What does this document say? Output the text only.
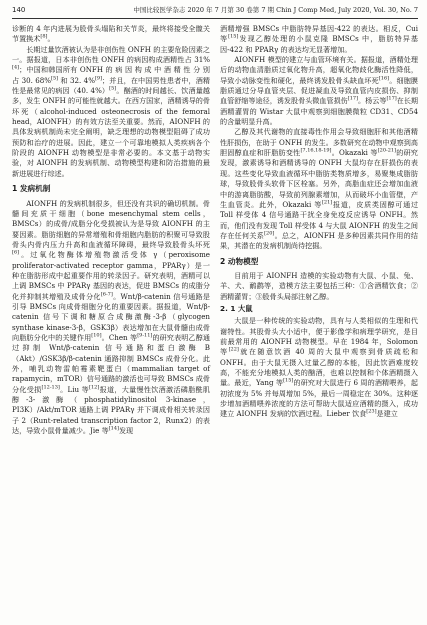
140	中国比较医学杂志 2020 年 7 月第 30 卷第 7 期 Chin J Comp Med, July 2020, Vol. 30, No. 7

诊断的 4 年内进展为股骨头塌陷和关节炎，最终将接受全髋关节置换术[8]。

长期过量饮酒被认为是非创伤性 ONFH 的主要危险因素之一。据报道，日本非创伤性 ONFH 的病因构成酒精性占 31%[4]；中国和韩国所有 ONFH 的 病 因 构 成 中 酒 精 性 分 别 占 30. 68%[5] 和 32. 4%[9]；并且，在中国男性患者中，酒精性是最常见的病因（40. 4%）[5]。酗酒的时间越长、饮酒量越多，发生 ONFH 的可能性就越大。在西方国家，酒精诱导的骨坏死（alcohol-induced osteonecrosis of the femoral head，AIONFH）的有效方法至关重要。然而，AIONFH 的具体发病机制尚未完全阐明，缺乏理想的动物模型阻碍了成功预防和治疗的进展。因此，建立一个可靠地模拟人类疾病各个阶段的 AIONFH 动物模型是非常必要的。本文基于动物实验，对 AIONFH 的发病机制、动物模型构建和防治措施的最新进展进行综述。

1 发病机制

AIONFH 的发病机制很多，但还没有共识的确切机制。骨髓间充质干细胞（bone mesenchymal stem cells，BMSCs）的成骨/成脂分化受损被认为是导致 AIONFH 的主要因素。脂肪细胞的异常增殖和骨细胞内脂肪的积聚可导致股骨头内骨内压力升高和血液循环障碍，最终导致股骨头坏死[6]。过氧化物酶体增殖物激活受体 γ（peroxisome proliferator-activated receptor gamma，PPARγ）是一种在脂肪形成中起重要作用的转录因子。研究表明，酒精可以上调 BMSCs 中 PPARγ 基因的表达，促进 BMSCs 的成脂分化并抑制其增殖及成骨分化[6-7]。Wnt/β-catenin 信号通路是引导 BMSCs 向成骨细胞分化的重要因素。据报道，Wnt/β-catenin 信号下调和糖原合成酶激酶-3-β（glycogen synthase kinase-3-β，GSK3β）表达增加在大鼠骨髓由成骨向脂肪分化中的关键作用[10]。Chen 等[9-11]的研究表明乙醇通过抑制 Wnt/β-catenin 信号通路和蛋白激酶 B（Akt）/GSK3β/β-catenin 通路抑制 BMSCs 成骨分化。此外，哺乳动物雷帕霉素靶蛋白（mammalian target of rapamycin，mTOR）信号通路的激活也可导致 BMSCs 成骨分化受损[12-13]。Liu 等[12]报道，大量慢性饮酒激活磷脂酰肌醇-3-激酶（phosphatidylinositol 3-kinase，PI3K）/Akt/mTOR 通路上调 PPARγ 并下调成骨相关转录因子 2（Runt-related transcription factor 2，Runx2）的表达，导致小鼠骨量减少。Jie 等[14]发现

酒精增强 BMSCs 中脂肪特异基因-422 的表达。相反，Cui 等[15]发现乙醇处理的小鼠克隆 BMSCs 中，脂肪特异基因-422 和 PPARγ 的表达均无显著增加。

AIONFH 模型的建立与血管环境有关。据报道，酒精处理后的动物血清脂质过氧化物升高，超氧化物歧化酶活性降低，导致小动脉变性和硬化，最终诱发股骨头缺血坏死[16]。细胞膜脂质通过分导血管夹层、促进凝血及导致血管内皮损伤、抑制血管舒缩等途径，诱发股骨头微血管损伤[17]。杨云等[17]在长期酒精灌胃的 Wistar 大鼠中观察到细胞膜微粒 CD31、CD54 的含量明显升高。

乙醇及其代谢物的直接毒性作用会导致细胞肝和其他酒精性肝损伤，在助于 ONFH 的发生。多数研究在动物中观察到高胆固醇血症和肝脂肪变性[7,16,18-19]。Okazaki 等[20-21]的研究发现，激素诱导和酒精诱导的 ONFH 大鼠均存在肝损伤的表现。这些变化导致血液循环中脂肪类物质增多，易聚集成脂肪球，导致股骨头软骨下区栓塞。另外，高脂血症还会增加血液中的游离脂肪酸，导致前列腺素增加，从而破坏小血管壁，产生血管炎。此外，Okazaki 等[21]报道，皮质类固醇可通过 Toll 样受体 4 信号通路干扰全身免疫反应诱导 ONFH。然而，他们没有发现 Toll 样受体 4 与大鼠 AIONFH 的发生之间存在任何关系[20]。总之，AIONFH 是多种因素共同作用的结果，其潜在的发病机制尚待挖掘。

2 动物模型

目前用于 AIONFH 造模的实验动物有大鼠、小鼠、兔、羊、犬、鸸鹋等，造模方法主要包括三种：①含酒精饮食；②酒精灌胃；③股骨头局部注射乙醇。

2. 1 大鼠

大鼠是一种传统的实验动物，具有与人类相似的生理和代谢特性。其股骨头大小适中，便于影像学和病理学研究，是目前最常用的 AIONFH 动物模型。早在 1984 年，Solomon 等[22]就在随意饮酒 40 周的大鼠中观察到骨质疏松和 ONFH。由于大鼠无摄入过量乙醇的本能，因此饮酒难度较高，不能充分地模拟人类的酗酒，也难以控制和个体酒精摄入量。最近，Yang 等[15]的研究对大鼠进行 6 周的酒精喂养，起初浓度为 5% 并每周增加 5%，最后一周稳定在 30%。这种逐步增加酒精喂养浓度的方法可帮助大鼠适应酒精的摄入，成功建立 AIONFH 发病的饮酒过程。Lieber 饮食[23]是建立
